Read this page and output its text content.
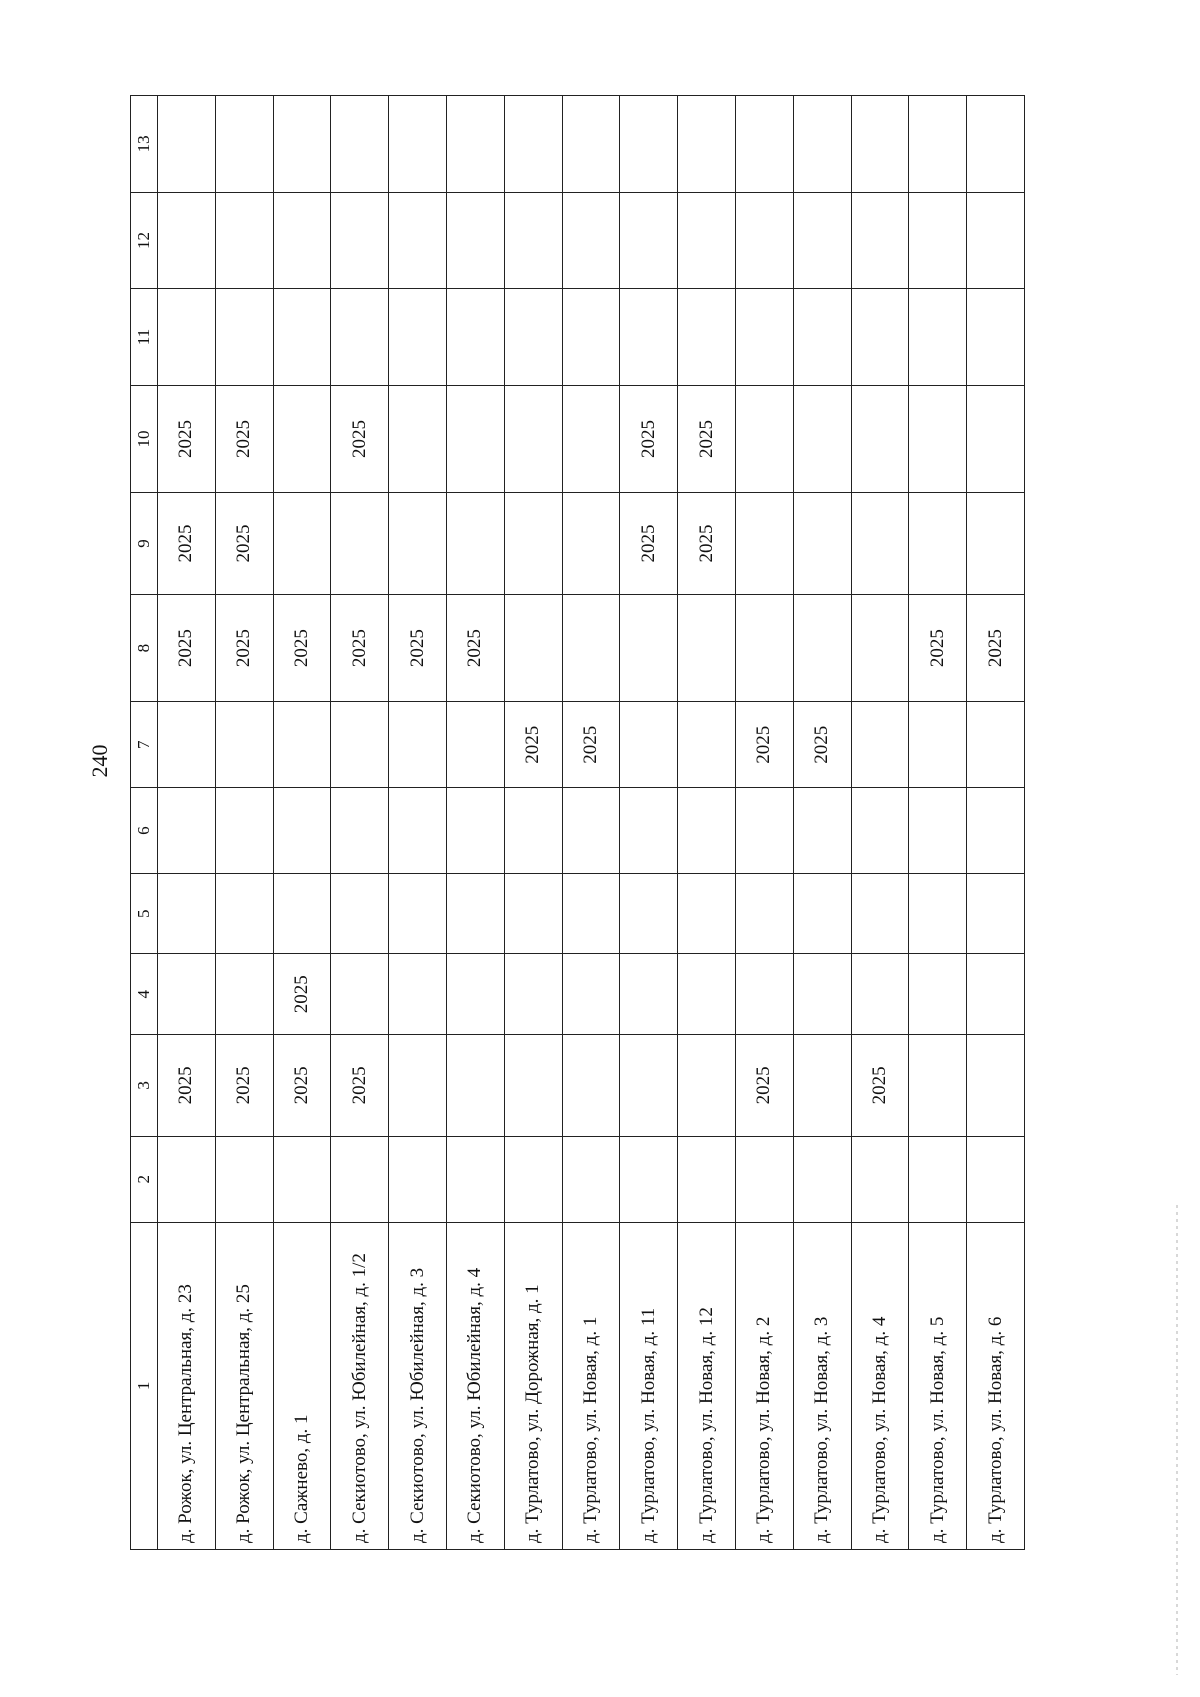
240
1	2	3	4	5	6	7	8	9	10	11	12	13
д. Рожок, ул. Центральная, д. 23		2025					2025	2025	2025			
д. Рожок, ул. Центральная, д. 25		2025					2025	2025	2025			
д. Сажнево, д. 1		2025	2025				2025					
д. Секиотово, ул. Юбилейная, д. 1/2		2025					2025		2025			
д. Секиотово, ул. Юбилейная, д. 3							2025					
д. Секиотово, ул. Юбилейная, д. 4							2025					
д. Турлатово, ул. Дорожная, д. 1						2025						
д. Турлатово, ул. Новая, д. 1						2025						
д. Турлатово, ул. Новая, д. 11								2025	2025			
д. Турлатово, ул. Новая, д. 12								2025	2025			
д. Турлатово, ул. Новая, д. 2		2025				2025						
д. Турлатово, ул. Новая, д. 3						2025						
д. Турлатово, ул. Новая, д. 4		2025										
д. Турлатово, ул. Новая, д. 5							2025					
д. Турлатово, ул. Новая, д. 6							2025					
